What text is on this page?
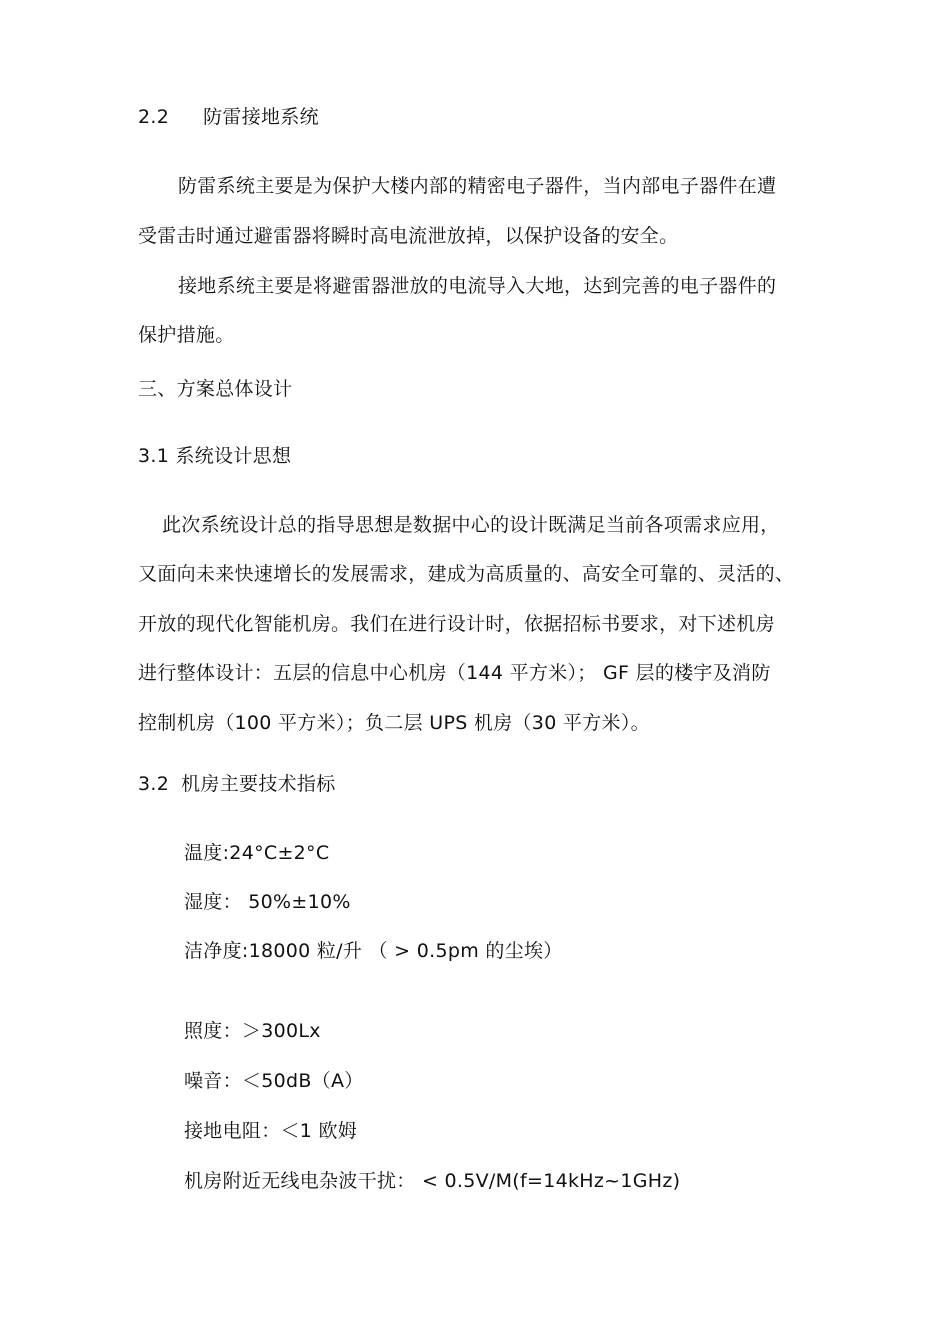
2.2 防雷接地系统
防雷系统主要是为保护大楼内部的精密电子器件，当内部电子器件在遭
受雷击时通过避雷器将瞬时高电流泄放掉，以保护设备的安全。
接地系统主要是将避雷器泄放的电流导入大地，达到完善的电子器件的
保护措施。
三、方案总体设计
3.1 系统设计思想
此次系统设计总的指导思想是数据中心的设计既满足当前各项需求应用，
又面向未来快速增长的发展需求，建成为高质量的、高安全可靠的、灵活的、
开放的现代化智能机房。我们在进行设计时，依据招标书要求，对下述机房
进行整体设计：五层的信息中心机房（144 平方米）； GF 层的楼宇及消防
控制机房（100 平方米）；负二层 UPS 机房（30 平方米）。
3.2 机房主要技术指标
温度:24°C±2°C
湿度： 50%±10%
洁净度:18000 粒/升 （ > 0.5pm 的尘埃）
照度：＞300Lx
噪音：＜50dB（A）
接地电阻：＜1 欧姆
机房附近无线电杂波干扰： < 0.5V/M(f=14kHz~1GHz)
